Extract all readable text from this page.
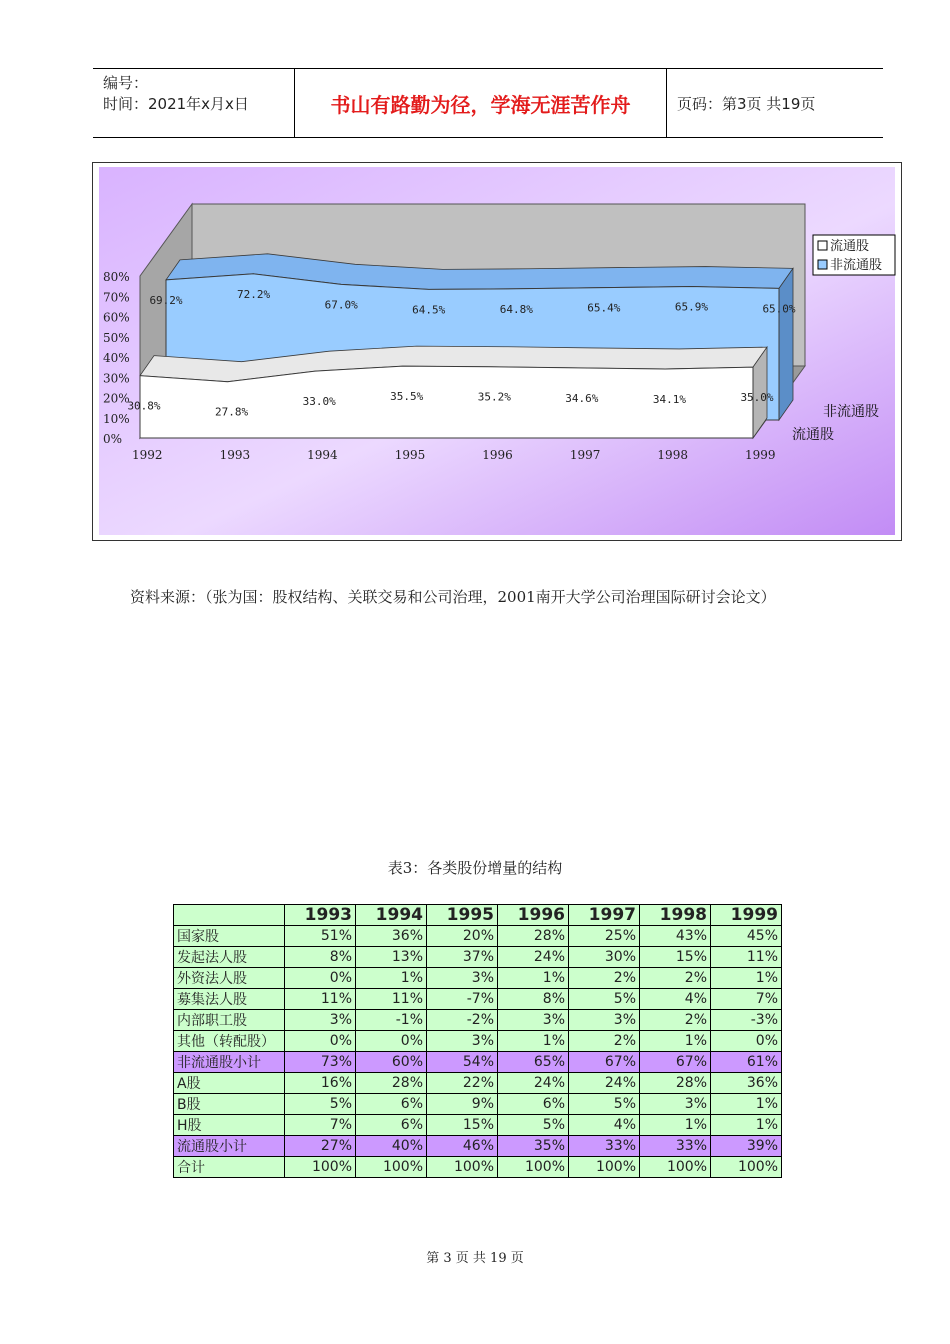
编号：
时间：2021年x月x日	书山有路勤为径，学海无涯苦作舟	页码：第3页 共19页
69.2%	72.2%
67.0%	64.5%	64.8%	65.4%	65.9%	65.0%
30.8%	27.8%
33.0%	35.5%	35.2%	34.6%	34.1%	35.0%
0%
10%
20%
30%
40%
50%
60%
70%
80%
1992	1993	1994	1995	1996	1997	1998	1999
非流通股
流通股
流通股
非流通股
资料来源：（张为国：股权结构、关联交易和公司治理，2001南开大学公司治理国际研讨会论文）
表3：各类股份增量的结构
	1993	1994	1995	1996	1997	1998	1999
国家股	51%	36%	20%	28%	25%	43%	45%
发起法人股	8%	13%	37%	24%	30%	15%	11%
外资法人股	0%	1%	3%	1%	2%	2%	1%
募集法人股	11%	11%	-7%	8%	5%	4%	7%
内部职工股	3%	-1%	-2%	3%	3%	2%	-3%
其他（转配股）	0%	0%	3%	1%	2%	1%	0%
非流通股小计	73%	60%	54%	65%	67%	67%	61%
A股	16%	28%	22%	24%	24%	28%	36%
B股	5%	6%	9%	6%	5%	3%	1%
H股	7%	6%	15%	5%	4%	1%	1%
流通股小计	27%	40%	46%	35%	33%	33%	39%
合计	100%	100%	100%	100%	100%	100%	100%
第 3 页 共 19 页
